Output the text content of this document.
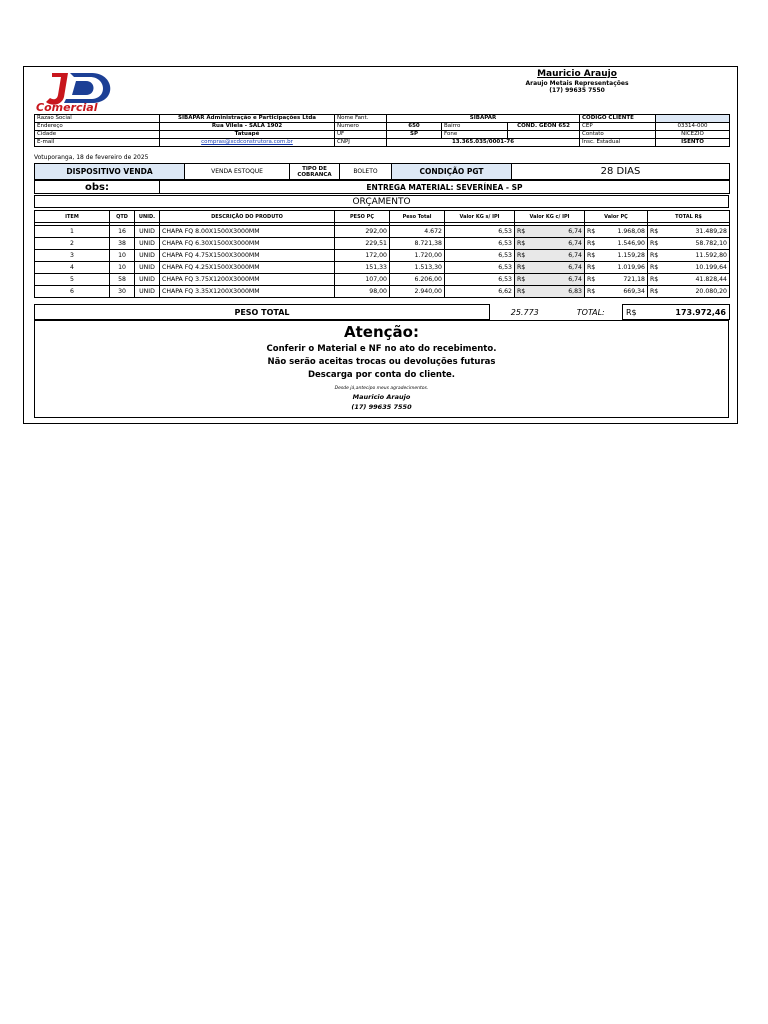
Comercial
Mauricio Araujo
Araujo Metais Representações
(17) 99635 7550
Razao Social	SIBAPAR Administração e Participações Ltda	Nome Fant.	SIBAPAR			CÓDIGO CLIENTE	
Endereço	Rua Vilela - SALA 1902	Numero	650	Bairro	COND. GEON 652	CEP	03314-000
Cidade	Tatuapé	UF	SP	Fone		Contato	NICÉZIO
E-mail	compras@xcdconstrutora.com.br	CNPJ	13.365.035/0001-76			Insc. Estadual	ISENTO
Votuporanga, 18 de fevereiro de 2025
DISPOSITIVO VENDA	VENDA ESTOQUE	TIPO DE COBRANCA	BOLETO	CONDIÇÃO PGT	28 DIAS
obs:	ENTREGA MATERIAL: SEVERÍNEA - SP
ORÇAMENTO
ITEM	QTD	UNID.	DESCRIÇÃO DO PRODUTO	PESO PÇ	Peso Total	Valor KG s/ IPI	Valor KG c/ IPI	Valor PÇ	TOTAL R$

1	16	UNID	CHAPA FQ 8.00X1500X3000MM	292,00	4.672	6,53	R$ 6,74	R$ 1.968,08	R$ 31.489,28

2	38	UNID	CHAPA FQ 6.30X1500X3000MM	229,51	8.721,38	6,53	R$ 6,74	R$ 1.546,90	R$ 58.782,10

3	10	UNID	CHAPA FQ 4.75X1500X3000MM	172,00	1.720,00	6,53	R$ 6,74	R$ 1.159,28	R$ 11.592,80

4	10	UNID	CHAPA FQ 4.25X1500X3000MM	151,33	1.513,30	6,53	R$ 6,74	R$ 1.019,96	R$ 10.199,64

5	58	UNID	CHAPA FQ 3.75X1200X3000MM	107,00	6.206,00	6,53	R$ 6,74	R$ 721,18	R$ 41.828,44

6	30	UNID	CHAPA FQ 3.35X1200X3000MM	98,00	2.940,00	6,62	R$ 6,83	R$ 669,34	R$ 20.080,20
PESO TOTAL	25.773	TOTAL:	R$	173.972,46
Atenção:
Conferir o Material e NF no ato do recebimento.
Não serão aceitas trocas ou devoluções futuras
Descarga por conta do cliente.
Desde já,antecipo meus agradecimentos.
Mauricio Araujo
(17) 99635 7550
